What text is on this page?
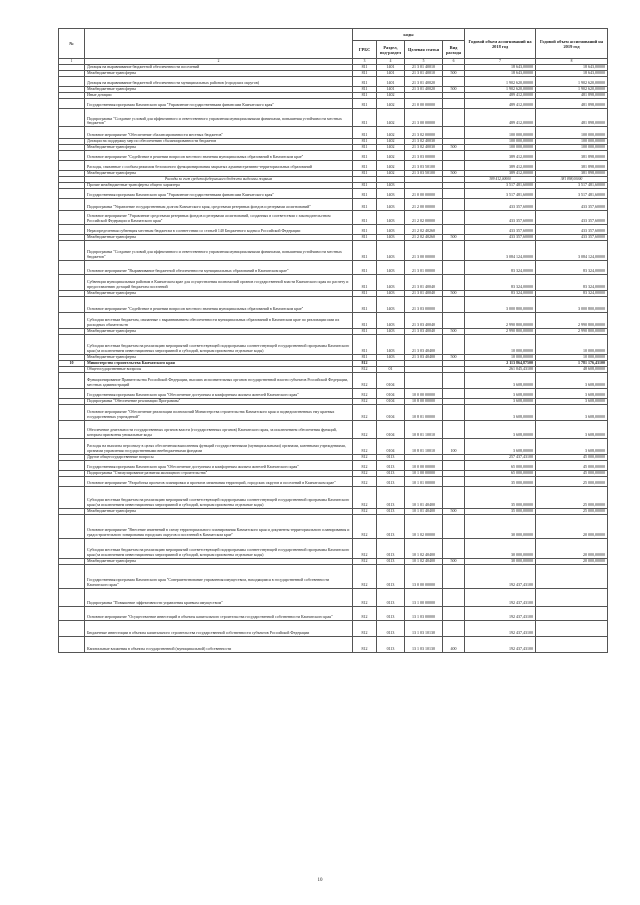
№		коды				Годовой объем ассигнований на 2018 год	Годовой объем ассигнований на 2019 год
		ГРБС	Раздел, под-раздел	Целевая статья	Вид расхода		
1	2	3	4	5	6	7	8
	Дотация на выравнивание бюджетной обеспеченности поселений	811	1401	21 3 01 40010		18 643,00000	18 643,00000
	Межбюджетные трансферты	811	1401	21 3 01 40010	500	18 643,00000	18 643,00000
	Дотация на выравнивание бюджетной обеспеченности муниципальных районов (городских округов)	811	1401	21 3 01 40020		1 902 620,00000	1 902 620,00000
	Межбюджетные трансферты	811	1401	21 3 01 40020	500	1 902 620,00000	1 902 620,00000
	Иные дотации	811	1402			489 412,00000	481 898,00000
	Государственная программа Камчатского края "Управление государственными финансами Камчатского края"	811	1402	21 0 00 00000		489 412,00000	481 898,00000
	Подпрограмма "Создание условий для эффективного и ответственного управления муниципальными финансами, повышения устойчивости местных бюджетов"	811	1402	21 3 00 00000		489 412,00000	481 898,00000
	Основное мероприятие "Обеспечение сбалансированности местных бюджетов"	811	1402	21 3 02 00000		100 000,00000	100 000,00000
	Дотации на поддержку мер по обеспечению сбалансированности бюджетов	811	1402	21 3 02 40030		100 000,00000	100 000,00000
	Межбюджетные трансферты	811	1402	21 3 02 40030	500	100 000,00000	100 000,00000
	Основное мероприятие "Содействие в решении вопросов местного значения муниципальных образований в Камчатском крае"	811	1402	21 3 03 00000		389 412,00000	381 898,00000
	Расходы, связанные с особым режимом безопасного функционирования закрытых административно-территориальных образований	811	1402	21 3 03 50100		389 412,00000	381 898,00000
	Межбюджетные трансферты	811	1402	21 3 03 50100	500	389 412,00000	381 898,00000
	Расходы за счет средств федерального бюджета выделены жирным					389 412,00000	381 898,00000
	Прочие межбюджетные трансферты общего характера	811	1403			3 517 481,60000	3 517 481,60000
	Государственная программа Камчатского края "Управление государственными финансами Камчатского края"	811	1403	21 0 00 00000		3 517 481,60000	3 517 481,60000
	Подпрограмма "Управление государственным долгом Камчатского края, средствами резервных фондов и резервами ассигнований"	811	1403	21 2 00 00000		433 357,60000	433 357,60000
	Основное мероприятие "Управление средствами резервных фондов и резервами ассигнований, созданных в соответствии с законодательством Российской Федерации и Камчатского края"	811	1403	21 2 02 00000		433 357,60000	433 357,60000
	Нераспределенная субвенция местным бюджетам в соответствии со статьей 140 Бюджетного кодекса Российской Федерации	811	1403	21 2 02 40260		433 357,60000	433 357,60000
	Межбюджетные трансферты	811	1403	21 2 02 40260	500	433 357,60000	433 357,60000
	Подпрограмма "Создание условий для эффективного и ответственного управления муниципальными финансами, повышения устойчивости местных бюджетов"	811	1403	21 3 00 00000		3 084 124,00000	3 084 124,00000
	Основное мероприятие "Выравнивание бюджетной обеспеченности муниципальных образований в Камчатском крае"	811	1403	21 3 01 00000		83 324,00000	83 324,00000
	Субвенции муниципальным районам в Камчатском крае для осуществления полномочий органов государственной власти Камчатского края по расчету и предоставлению дотаций бюджетам поселений	811	1403	21 3 01 40040		83 324,00000	83 324,00000
	Межбюджетные трансферты	811	1403	21 3 01 40040	500	83 324,00000	83 324,00000
	Основное мероприятие "Содействие в решении вопросов местного значения муниципальных образований в Камчатском крае"	811	1403	21 3 03 00000		3 000 800,00000	3 000 800,00000
	Субсидии местным бюджетам, связанные с выравниванием обеспеченности муниципальных образований в Камчатском крае по реализации ими их расходных обязательств	811	1403	21 3 03 40040		2 990 800,00000	2 990 800,00000
	Межбюджетные трансферты	811	1403	21 3 03 40040	500	2 990 800,00000	2 990 800,00000
	Субсидии местным бюджетам на реализацию мероприятий соответствующей подпрограммы соответствующей государственной программы Камчатского края (за исключением инвестиционных мероприятий и субсидий, которым присвоены отдельные коды)	811	1403	21 3 03 40400		10 000,00000	10 000,00000
	Межбюджетные трансферты	811	1403	21 3 03 40400	500	10 000,00000	10 000,00000
10	Министерство строительства Камчатского края	812				2 113 864,87500	1 781 176,43100
	Общегосударственные вопросы	812	01			261 045,43100	48 608,00000
	Функционирование Правительства Российской Федерации, высших исполнительных органов государственной власти субъектов Российской Федерации, местных администраций	812	0104			3 608,00000	3 608,00000
	Государственная программа Камчатского края "Обеспечение доступным и комфортным жильем жителей Камчатского края"	812	0104	10 0 00 00000		3 608,00000	3 608,00000
	Подпрограмма "Обеспечение реализации Программы"	812	0104	10 8 00 00000		3 608,00000	3 608,00000
	Основное мероприятие "Обеспечение реализации полномочий Министерства строительства Камчатского края и подведомственных ему краевых государственных учреждений"	812	0104	10 8 01 00000		3 608,00000	3 608,00000
	Обеспечение деятельности государственных органов власти (государственных органов) Камчатского края, за исключением обеспечения функций, которым присвоены уникальные коды	812	0104	10 8 01 10010		3 608,00000	3 608,00000
	Расходы на выплаты персоналу в целях обеспечения выполнения функций государственными (муниципальными) органами, казенными учреждениями, органами управления государственными внебюджетными фондами	812	0104	10 8 01 10010	100	3 608,00000	3 608,00000
	Другие общегосударственные вопросы	812	0113			257 437,43100	45 000,00000
	Государственная программа Камчатского края "Обеспечение доступным и комфортным жильем жителей Камчатского края"	812	0113	10 0 00 00000		65 000,00000	45 000,00000
	Подпрограмма "Стимулирование развития жилищного строительства"	812	0113	10 1 00 00000		65 000,00000	45 000,00000
	Основное мероприятие "Разработка проектов планировки и проектов межевания территорий, городских округов и поселений в Камчатском крае"	812	0113	10 1 01 00000		35 000,00000	25 000,00000
	Субсидии местным бюджетам на реализацию мероприятий соответствующей подпрограммы соответствующей государственной программы Камчатского края (за исключением инвестиционных мероприятий и субсидий, которым присвоены отдельные коды)	812	0113	10 1 01 40400		35 000,00000	25 000,00000
	Межбюджетные трансферты	812	0113	10 1 01 40400	500	35 000,00000	25 000,00000
	Основное мероприятие "Внесение изменений в схему территориального планирования Камчатского края и документы территориального планирования и градостроительного зонирования городских округов и поселений в Камчатском крае"	812	0113	10 1 02 00000		30 000,00000	20 000,00000
	Субсидии местным бюджетам на реализацию мероприятий соответствующей подпрограммы соответствующей государственной программы Камчатского края (за исключением инвестиционных мероприятий и субсидий, которым присвоены отдельные коды)	812	0113	10 1 02 40400		30 000,00000	20 000,00000
	Межбюджетные трансферты	812	0113	10 1 02 40400	500	30 000,00000	20 000,00000
	Государственная программа Камчатского края "Совершенствование управления имуществом, находящимся в государственной собственности Камчатского края"	812	0113	13 0 00 00000		192 437,43100	
	Подпрограмма "Повышение эффективности управления краевым имуществом"	812	0113	13 1 00 00000		192 437,43100	
	Основное мероприятие "Осуществление инвестиций в объекты капитального строительства государственной собственности Камчатского края"	812	0113	13 1 03 00000		192 437,43100	
	Бюджетные инвестиции в объекты капитального строительства государственной собственности субъектов Российской Федерации	812	0113	13 1 03 10130		192 437,43100	
	Капитальные вложения в объекты государственной (муниципальной) собственности	812	0113	13 1 03 10130	400	192 437,43100	
10
